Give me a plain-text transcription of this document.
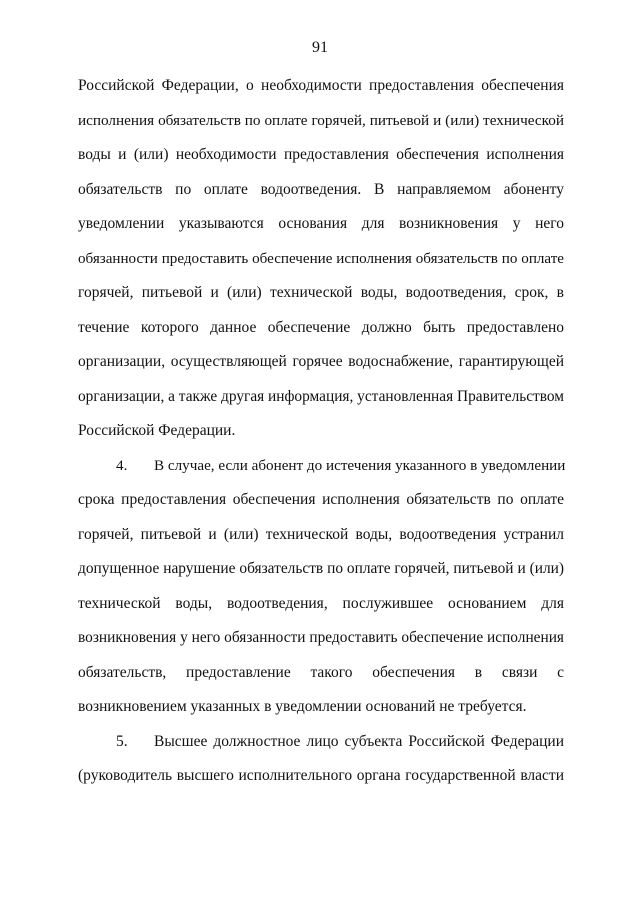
91
Российской Федерации, о необходимости предоставления обеспечения
исполнения обязательств по оплате горячей, питьевой и (или) технической
воды и (или) необходимости предоставления обеспечения исполнения
обязательств по оплате водоотведения. В направляемом абоненту
уведомлении указываются основания для возникновения у него
обязанности предоставить обеспечение исполнения обязательств по оплате
горячей, питьевой и (или) технической воды, водоотведения, срок, в
течение которого данное обеспечение должно быть предоставлено
организации, осуществляющей горячее водоснабжение, гарантирующей
организации, а также другая информация, установленная Правительством
Российской Федерации.
4. В случае, если абонент до истечения указанного в уведомлении
срока предоставления обеспечения исполнения обязательств по оплате
горячей, питьевой и (или) технической воды, водоотведения устранил
допущенное нарушение обязательств по оплате горячей, питьевой и (или)
технической воды, водоотведения, послужившее основанием для
возникновения у него обязанности предоставить обеспечение исполнения
обязательств, предоставление такого обеспечения в связи с
возникновением указанных в уведомлении оснований не требуется.
5. Высшее должностное лицо субъекта Российской Федерации
(руководитель высшего исполнительного органа государственной власти
